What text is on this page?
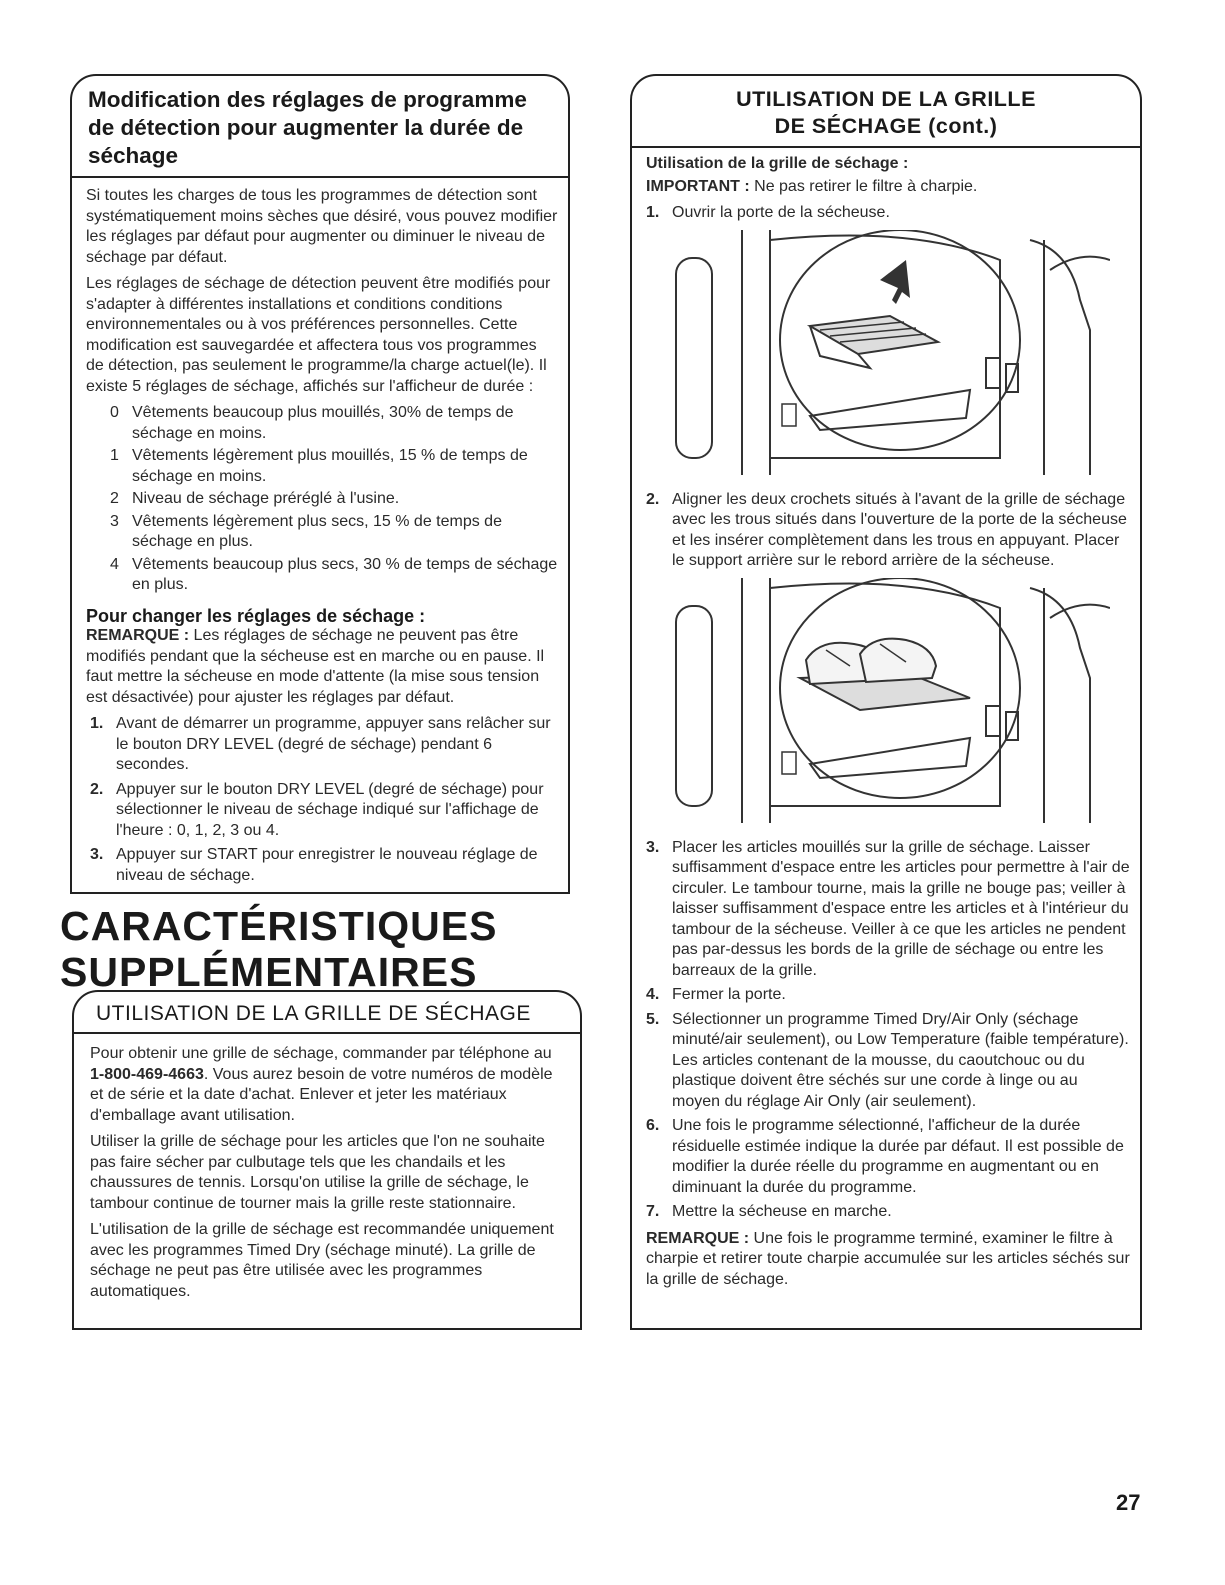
Modification des réglages de programme
de détection pour augmenter la durée de
séchage

Si toutes les charges de tous les programmes de détection sont systématiquement moins sèches que désiré, vous pouvez modifier les réglages par défaut pour augmenter ou diminuer le niveau de séchage par défaut.

Les réglages de séchage de détection peuvent être modifiés pour s'adapter à différentes installations et conditions conditions environnementales ou à vos préférences personnelles. Cette modification est sauvegardée et affectera tous vos programmes de détection, pas seulement le programme/la charge actuel(le). Il existe 5 réglages de séchage, affichés sur l'afficheur de durée :

0 Vêtements beaucoup plus mouillés, 30% de temps de séchage en moins.
1 Vêtements légèrement plus mouillés, 15 % de temps de séchage en moins.
2 Niveau de séchage préréglé à l'usine.
3 Vêtements légèrement plus secs, 15 % de temps de séchage en plus.
4 Vêtements beaucoup plus secs, 30 % de temps de séchage en plus.
Pour changer les réglages de séchage :

REMARQUE : Les réglages de séchage ne peuvent pas être modifiés pendant que la sécheuse est en marche ou en pause. Il faut mettre la sécheuse en mode d'attente (la mise sous tension est désactivée) pour ajuster les réglages par défaut.

1. Avant de démarrer un programme, appuyer sans relâcher sur le bouton DRY LEVEL (degré de séchage) pendant 6 secondes.
2. Appuyer sur le bouton DRY LEVEL (degré de séchage) pour sélectionner le niveau de séchage indiqué sur l'affichage de l'heure : 0, 1, 2, 3 ou 4.
3. Appuyer sur START pour enregistrer le nouveau réglage de niveau de séchage.
CARACTÉRISTIQUES
SUPPLÉMENTAIRES
UTILISATION DE LA GRILLE DE SÉCHAGE

Pour obtenir une grille de séchage, commander par téléphone au 1-800-469-4663. Vous aurez besoin de votre numéros de modèle et de série et la date d'achat. Enlever et jeter les matériaux d'emballage avant utilisation.

Utiliser la grille de séchage pour les articles que l'on ne souhaite pas faire sécher par culbutage tels que les chandails et les chaussures de tennis. Lorsqu'on utilise la grille de séchage, le tambour continue de tourner mais la grille reste stationnaire.

L'utilisation de la grille de séchage est recommandée uniquement avec les programmes Timed Dry (séchage minuté). La grille de séchage ne peut pas être utilisée avec les programmes automatiques.

UTILISATION DE LA GRILLE
DE SÉCHAGE (cont.)
Utilisation de la grille de séchage :

IMPORTANT : Ne pas retirer le filtre à charpie.

1. Ouvrir la porte de la sécheuse.
2. Aligner les deux crochets situés à l'avant de la grille de séchage avec les trous situés dans l'ouverture de la porte de la sécheuse et les insérer complètement dans les trous en appuyant. Placer le support arrière sur le rebord arrière de la sécheuse.
3. Placer les articles mouillés sur la grille de séchage. Laisser suffisamment d'espace entre les articles pour permettre à l'air de circuler. Le tambour tourne, mais la grille ne bouge pas; veiller à laisser suffisamment d'espace entre les articles et à l'intérieur du tambour de la sécheuse. Veiller à ce que les articles ne pendent pas par-dessus les bords de la grille de séchage ou entre les barreaux de la grille.
4. Fermer la porte.
5. Sélectionner un programme Timed Dry/Air Only (séchage minuté/air seulement), ou Low Temperature (faible température). Les articles contenant de la mousse, du caoutchouc ou du plastique doivent être séchés sur une corde à linge ou au moyen du réglage Air Only (air seulement).
6. Une fois le programme sélectionné, l'afficheur de la durée résiduelle estimée indique la durée par défaut. Il est possible de modifier la durée réelle du programme en augmentant ou en diminuant la durée du programme.
7. Mettre la sécheuse en marche.

REMARQUE : Une fois le programme terminé, examiner le filtre à charpie et retirer toute charpie accumulée sur les articles séchés sur la grille de séchage.

27
